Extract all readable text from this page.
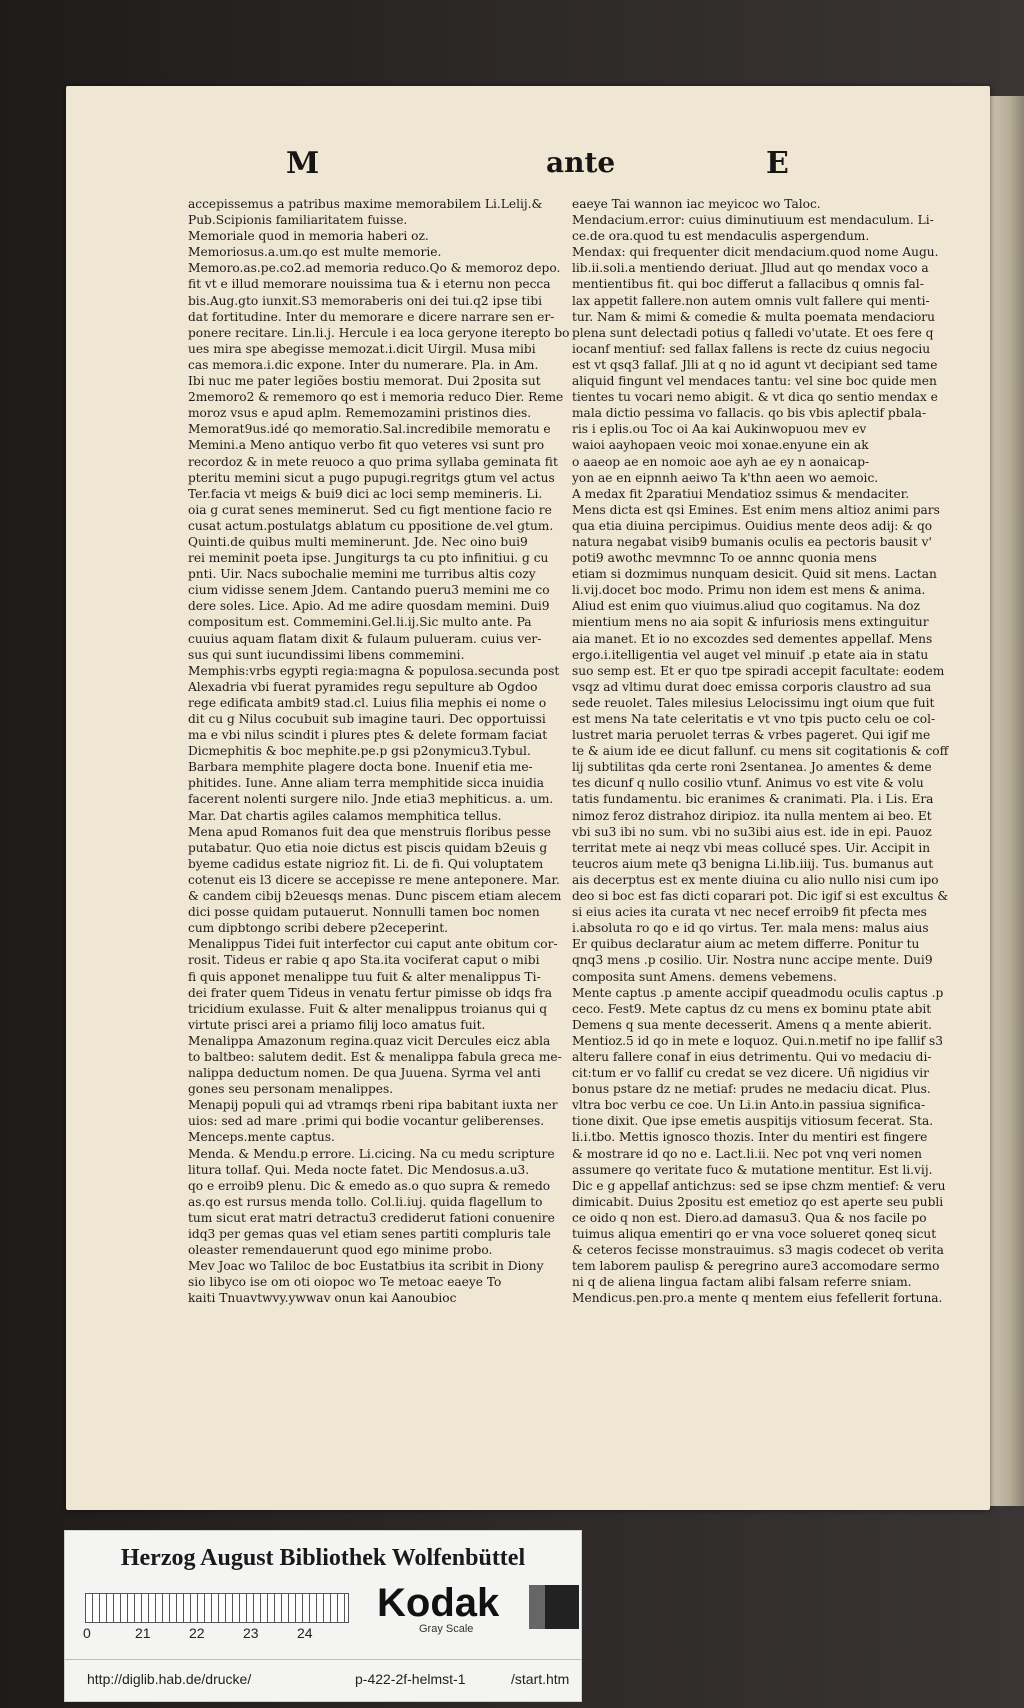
M	ante	E

accepissemus a patribus maxime memorabilem Li.Lelij.&

Pub.Scipionis familiaritatem fuisse.

Memoriale quod in memoria haberi oz.

Memoriosus.a.um.qo est multe memorie.

Memoro.as.pe.co2.ad memoria reduco.Qo & memoroz depo.

fit vt e illud memorare nouissima tua & i eternu non pecca

bis.Aug.gto iunxit.S3 memoraberis oni dei tui.q2 ipse tibi

dat fortitudine. Inter du memorare e dicere narrare sen er-

ponere recitare. Lin.li.j. Hercule i ea loca geryone iterepto bo

ues mira spe abegisse memozat.i.dicit Uirgil. Musa mibi

cas memora.i.dic expone. Inter du numerare. Pla. in Am.

Ibi nuc me pater legiões bostiu memorat. Dui 2posita sut

2memoro2 & rememoro qo est i memoria reduco Dier. Reme

moroz vsus e apud aplm. Rememozamini pristinos dies.

Memorat9us.idé qo memoratio.Sal.incredibile memoratu e

Memini.a Meno antiquo verbo fit quo veteres vsi sunt pro

recordoz & in mete reuoco a quo prima syllaba geminata fit

pteritu memini sicut a pugo pupugi.regritgs gtum vel actus

Ter.facia vt meigs & bui9 dici ac loci semp memineris. Li.

oia g curat senes meminerut. Sed cu figt mentione facio re

cusat actum.postulatgs ablatum cu ppositione de.vel gtum.

Quinti.de quibus multi meminerunt. Jde. Nec oino bui9

rei meminit poeta ipse. Jungiturgs ta cu pto infinitiui. g cu

pnti. Uir. Nacs subochalie memini me turribus altis cozy

cium vidisse senem Jdem. Cantando pueru3 memini me co

dere soles. Lice. Apio. Ad me adire quosdam memini. Dui9

compositum est. Commemini.Gel.li.ij.Sic multo ante. Pa

cuuius aquam flatam dixit & fulaum pulueram. cuius ver-

sus qui sunt iucundissimi libens commemini.

Memphis:vrbs egypti regia:magna & populosa.secunda post

Alexadria vbi fuerat pyramides regu sepulture ab Ogdoo

rege edificata ambit9 stad.cl. Luius filia mephis ei nome o

dit cu g Nilus cocubuit sub imagine tauri. Dec opportuissi

ma e vbi nilus scindit i plures ptes & delete formam faciat

Dicmephitis & boc mephite.pe.p gsi p2onymicu3.Tybul.

Barbara memphite plagere docta bone. Inuenif etia me-

phitides. Iune. Anne aliam terra memphitide sicca inuidia

facerent nolenti surgere nilo. Jnde etia3 mephiticus. a. um.

Mar. Dat chartis agiles calamos memphitica tellus.

Mena apud Romanos fuit dea que menstruis floribus pesse

putabatur. Quo etia noie dictus est piscis quidam b2euis g

byeme cadidus estate nigrioz fit. Li. de fi. Qui voluptatem

cotenut eis l3 dicere se accepisse re mene anteponere. Mar.

& candem cibij b2euesqs menas. Dunc piscem etiam alecem

dici posse quidam putauerut. Nonnulli tamen boc nomen

cum dipbtongo scribi debere p2eceperint.

Menalippus Tidei fuit interfector cui caput ante obitum cor-

rosit. Tideus er rabie q apo Sta.ita vociferat caput o mibi

fi quis apponet menalippe tuu fuit & alter menalippus Ti-

dei frater quem Tideus in venatu fertur pimisse ob idqs fra

tricidium exulasse. Fuit & alter menalippus troianus qui q

virtute prisci arei a priamo filij loco amatus fuit.

Menalippa Amazonum regina.quaz vicit Dercules eicz abla

to baltbeo: salutem dedit. Est & menalippa fabula greca me-

nalippa deductum nomen. De qua Juuena. Syrma vel anti

gones seu personam menalippes.

Menapij populi qui ad vtramqs rbeni ripa babitant iuxta ner

uios: sed ad mare .primi qui bodie vocantur geliberenses.

Menceps.mente captus.

Menda. & Mendu.p errore. Li.cicing. Na cu medu scripture

litura tollaf. Qui. Meda nocte fatet. Dic Mendosus.a.u3.

qo e erroib9 plenu. Dic & emedo as.o quo supra & remedo

as.qo est rursus menda tollo. Col.li.iuj. quida flagellum to

tum sicut erat matri detractu3 crediderut fationi conuenire

idq3 per gemas quas vel etiam senes partiti compluris tale

oleaster remendauerunt quod ego minime probo.

Mev Joac wo Taliloc de boc Eustatbius ita scribit in Diony

sio libyco ise om oti oiopoc wo Te metoac eaeye To

kaiti Tnuavtwvy.ywwav onun kai Aanoubioc

eaeye Tai wannon iac meyicoc wo Taloc.

Mendacium.error: cuius diminutiuum est mendaculum. Li-

ce.de ora.quod tu est mendaculis aspergendum.

Mendax: qui frequenter dicit mendacium.quod nome Augu.

lib.ii.soli.a mentiendo deriuat. Jllud aut qo mendax voco a

mentientibus fit. qui boc differut a fallacibus q omnis fal-

lax appetit fallere.non autem omnis vult fallere qui menti-

tur. Nam & mimi & comedie & multa poemata mendacioru

plena sunt delectadi potius q falledi vo'utate. Et oes fere q

iocanf mentiuf: sed fallax fallens is recte dz cuius negociu

est vt qsq3 fallaf. Jlli at q no id agunt vt decipiant sed tame

aliquid fingunt vel mendaces tantu: vel sine boc quide men

tientes tu vocari nemo abigit. & vt dica qo sentio mendax e

mala dictio pessima vo fallacis. qo bis vbis aplectif pbala-

ris i eplis.ou Toc oi Aa kai Aukinwopuou mev ev

waioi aayhopaen veoic moi xonae.enyune ein ak

o aaeop ae en nomoic aoe ayh ae ey n aonaicap-

yon ae en eipnnh aeiwo Ta k'thn aeen wo aemoic.

A medax fit 2paratiui Mendatioz ssimus & mendaciter.

Mens dicta est qsi Emines. Est enim mens altioz animi pars

qua etia diuina percipimus. Ouidius mente deos adij: & qo

natura negabat visib9 bumanis oculis ea pectoris bausit v'

poti9 awothc mevmnnc To oe annnc quonia mens

etiam si dozmimus nunquam desicit. Quid sit mens. Lactan

li.vij.docet boc modo. Primu non idem est mens & anima.

Aliud est enim quo viuimus.aliud quo cogitamus. Na doz

mientium mens no aia sopit & infuriosis mens extinguitur

aia manet. Et io no excozdes sed dementes appellaf. Mens

ergo.i.itelligentia vel auget vel minuif .p etate aia in statu

suo semp est. Et er quo tpe spiradi accepit facultate: eodem

vsqz ad vltimu durat doec emissa corporis claustro ad sua

sede reuolet. Tales milesius Lelocissimu ingt oium que fuit

est mens Na tate celeritatis e vt vno tpis pucto celu oe col-

lustret maria peruolet terras & vrbes pageret. Qui igif me

te & aium ide ee dicut fallunf. cu mens sit cogitationis & coff

lij subtilitas qda certe roni 2sentanea. Jo amentes & deme

tes dicunf q nullo cosilio vtunf. Animus vo est vite & volu

tatis fundamentu. bic eranimes & cranimati. Pla. i Lis. Era

nimoz feroz distrahoz diripioz. ita nulla mentem ai beo. Et

vbi su3 ibi no sum. vbi no su3ibi aius est. ide in epi. Pauoz

territat mete ai neqz vbi meas collucé spes. Uir. Accipit in

teucros aium mete q3 benigna Li.lib.iiij. Tus. bumanus aut

ais decerptus est ex mente diuina cu alio nullo nisi cum ipo

deo si boc est fas dicti coparari pot. Dic igif si est excultus &

si eius acies ita curata vt nec necef erroib9 fit pfecta mes

i.absoluta ro qo e id qo virtus. Ter. mala mens: malus aius

Er quibus declaratur aium ac metem differre. Ponitur tu

qnq3 mens .p cosilio. Uir. Nostra nunc accipe mente. Dui9

composita sunt Amens. demens vebemens.

Mente captus .p amente accipif queadmodu oculis captus .p

ceco. Fest9. Mete captus dz cu mens ex bominu ptate abit

Demens q sua mente decesserit. Amens q a mente abierit.

Mentioz.5 id qo in mete e loquoz. Qui.n.metif no ipe fallif s3

alteru fallere conaf in eius detrimentu. Qui vo medaciu di-

cit:tum er vo fallif cu credat se vez dicere. Uñ nigidius vir

bonus pstare dz ne metiaf: prudes ne medaciu dicat. Plus.

vltra boc verbu ce coe. Un Li.in Anto.in passiua significa-

tione dixit. Que ipse emetis auspitijs vitiosum fecerat. Sta.

li.i.tbo. Mettis ignosco thozis. Inter du mentiri est fingere

& mostrare id qo no e. Lact.li.ii. Nec pot vnq veri nomen

assumere qo veritate fuco & mutatione mentitur. Est li.vij.

Dic e g appellaf antichzus: sed se ipse chzm mentief: & veru

dimicabit. Duius 2positu est emetioz qo est aperte seu publi

ce oido q non est. Diero.ad damasu3. Qua & nos facile po

tuimus aliqua ementiri qo er vna voce solueret qoneq sicut

& ceteros fecisse monstrauimus. s3 magis codecet ob verita

tem laborem paulisp & peregrino aure3 accomodare sermo

ni q de aliena lingua factam alibi falsam referre sniam.

Mendicus.pen.pro.a mente q mentem eius fefellerit fortuna.

Herzog August Bibliothek Wolfenbüttel
0	21	22	23	24
Kodak
Gray Scale
http://diglib.hab.de/drucke/	p-422-2f-helmst-1	/start.htm
